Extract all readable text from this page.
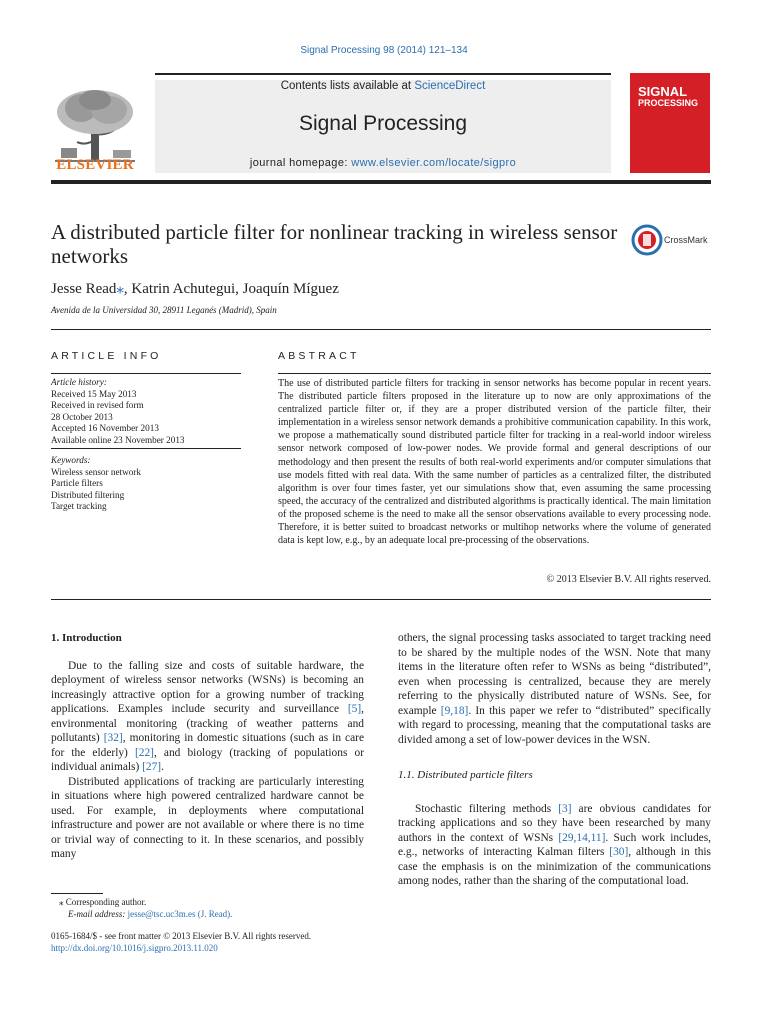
Signal Processing 98 (2014) 121–134
ELSEVIER
Contents lists available at ScienceDirect
Signal Processing
journal homepage: www.elsevier.com/locate/sigpro
SIGNAL
PROCESSING
A distributed particle filter for nonlinear tracking in wireless sensor networks
CrossMark
Jesse Read⁎, Katrin Achutegui, Joaquín Míguez
Avenida de la Universidad 30, 28911 Leganés (Madrid), Spain
ARTICLE INFO	ABSTRACT
Article history:
Received 15 May 2013
Received in revised form
28 October 2013
Accepted 16 November 2013
Available online 23 November 2013
Keywords:
Wireless sensor network
Particle filters
Distributed filtering
Target tracking
The use of distributed particle filters for tracking in sensor networks has become popular in recent years. The distributed particle filters proposed in the literature up to now are only approximations of the centralized particle filter or, if they are a proper distributed version of the particle filter, their implementation in a wireless sensor network demands a prohibitive communication capability. In this work, we propose a mathematically sound distributed particle filter for tracking in a real-world indoor wireless sensor network composed of low-power nodes. We provide formal and general descriptions of our methodology and then present the results of both real-world experiments and/or computer simulations that use models fitted with real data. With the same number of particles as a centralized filter, the distributed algorithm is over four times faster, yet our simulations show that, even assuming the same processing speed, the accuracy of the centralized and distributed algorithms is practically identical. The main limitation of the proposed scheme is the need to make all the sensor observations available to every processing node. Therefore, it is better suited to broadcast networks or multihop networks where the volume of generated data is kept low, e.g., by an adequate local pre-processing of the observations.
© 2013 Elsevier B.V. All rights reserved.

1. Introduction

Due to the falling size and costs of suitable hardware, the deployment of wireless sensor networks (WSNs) is becoming an increasingly attractive option for a growing number of tracking applications. Examples include security and surveillance [5], environmental monitoring (tracking of weather patterns and pollutants) [32], monitoring in domestic situations (such as in care for the elderly) [22], and biology (tracking of populations or individual animals) [27].

Distributed applications of tracking are particularly interesting in situations where high powered centralized hardware cannot be used. For example, in deployments where computational infrastructure and power are not available or where there is no time or trivial way of connecting to it. In these scenarios, and possibly many

others, the signal processing tasks associated to target tracking need to be shared by the multiple nodes of the WSN. Note that many items in the literature often refer to WSNs as being “distributed”, even when processing is centralized, because they are merely referring to the physically distributed nature of WSNs. See, for example [9,18]. In this paper we refer to “distributed” specifically with regard to processing, meaning that the computational tasks are divided among a set of low-power devices in the WSN.

1.1. Distributed particle filters

Stochastic filtering methods [3] are obvious candidates for tracking applications and so they have been researched by many authors in the context of WSNs [29,14,11]. Such work includes, e.g., networks of interacting Kalman filters [30], although in this case the emphasis is on the minimization of the communications among nodes, rather than the sharing of the computational load.

⁎ Corresponding author.
E-mail address: jesse@tsc.uc3m.es (J. Read).
0165-1684/$ - see front matter © 2013 Elsevier B.V. All rights reserved.
http://dx.doi.org/10.1016/j.sigpro.2013.11.020
